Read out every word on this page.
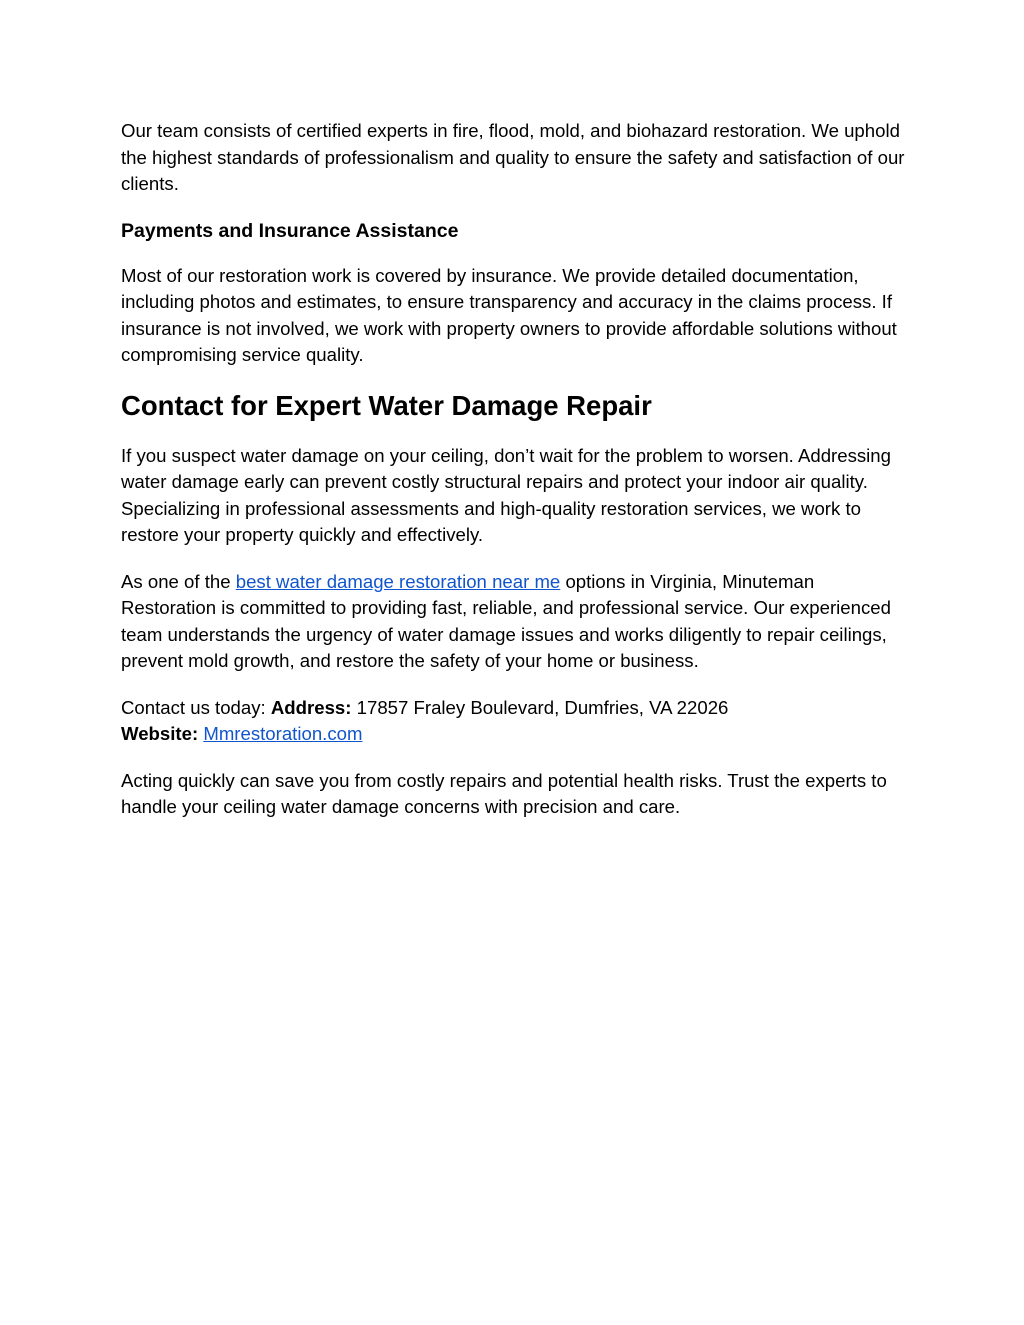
Our team consists of certified experts in fire, flood, mold, and biohazard restoration. We uphold the highest standards of professionalism and quality to ensure the safety and satisfaction of our clients.

Payments and Insurance Assistance

Most of our restoration work is covered by insurance. We provide detailed documentation, including photos and estimates, to ensure transparency and accuracy in the claims process. If insurance is not involved, we work with property owners to provide affordable solutions without compromising service quality.

Contact for Expert Water Damage Repair

If you suspect water damage on your ceiling, don’t wait for the problem to worsen. Addressing water damage early can prevent costly structural repairs and protect your indoor air quality. Specializing in professional assessments and high-quality restoration services, we work to restore your property quickly and effectively.

As one of the best water damage restoration near me options in Virginia, Minuteman Restoration is committed to providing fast, reliable, and professional service. Our experienced team understands the urgency of water damage issues and works diligently to repair ceilings, prevent mold growth, and restore the safety of your home or business.

Contact us today: Address: 17857 Fraley Boulevard, Dumfries, VA 22026
Website: Mmrestoration.com

Acting quickly can save you from costly repairs and potential health risks. Trust the experts to handle your ceiling water damage concerns with precision and care.
